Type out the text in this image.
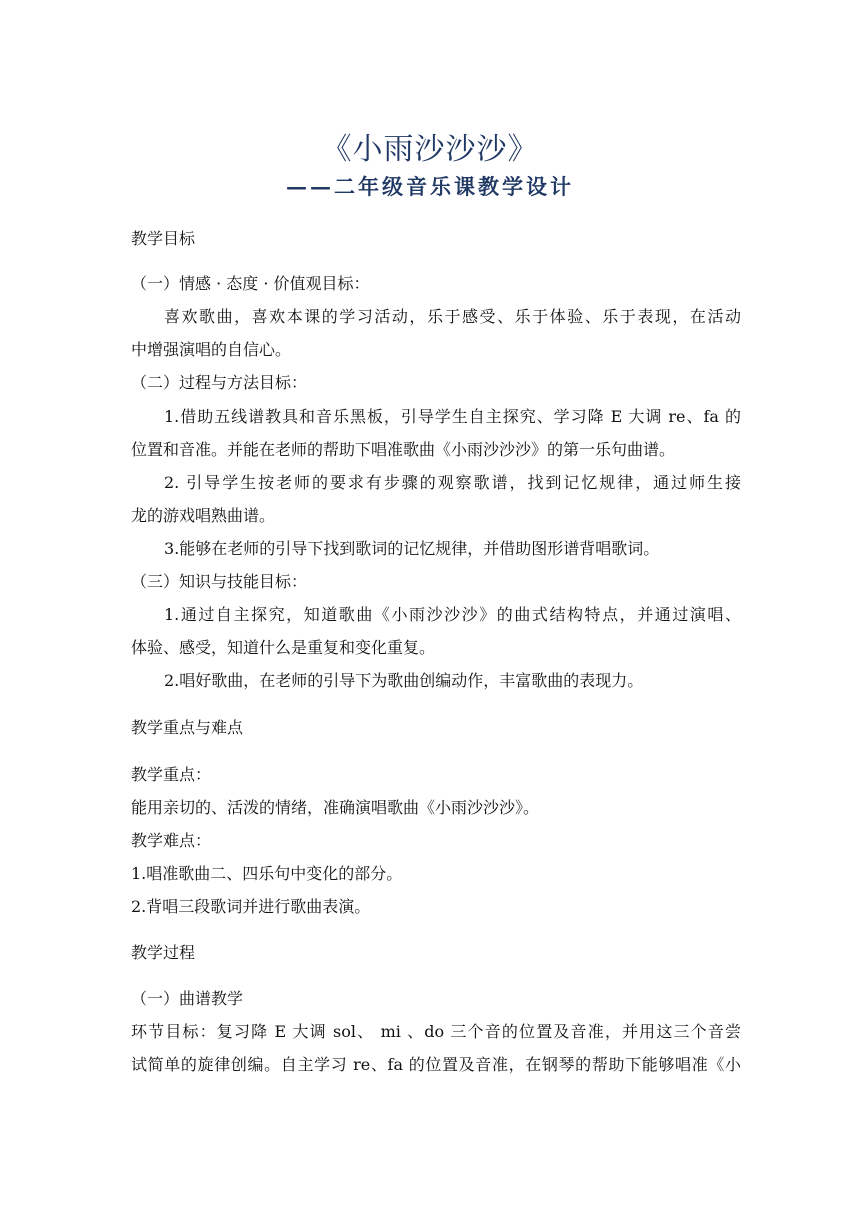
《小雨沙沙沙》
——二年级音乐课教学设计
教学目标
（一）情感 · 态度 · 价值观目标：
喜欢歌曲，喜欢本课的学习活动，乐于感受、乐于体验、乐于表现，在活动
中增强演唱的自信心。
（二）过程与方法目标：
1.借助五线谱教具和音乐黑板，引导学生自主探究、学习降 E 大调 re、fa 的
位置和音准。并能在老师的帮助下唱准歌曲《小雨沙沙沙》的第一乐句曲谱。
2. 引导学生按老师的要求有步骤的观察歌谱，找到记忆规律，通过师生接
龙的游戏唱熟曲谱。
3.能够在老师的引导下找到歌词的记忆规律，并借助图形谱背唱歌词。
（三）知识与技能目标：
1.通过自主探究，知道歌曲《小雨沙沙沙》的曲式结构特点，并通过演唱、
体验、感受，知道什么是重复和变化重复。
2.唱好歌曲，在老师的引导下为歌曲创编动作，丰富歌曲的表现力。
教学重点与难点
教学重点：
能用亲切的、活泼的情绪，准确演唱歌曲《小雨沙沙沙》。
教学难点：
1.唱准歌曲二、四乐句中变化的部分。
2.背唱三段歌词并进行歌曲表演。
教学过程
（一）曲谱教学
环节目标：复习降 E 大调 sol、 mi 、do 三个音的位置及音准，并用这三个音尝
试简单的旋律创编。自主学习 re、fa 的位置及音准，在钢琴的帮助下能够唱准《小
